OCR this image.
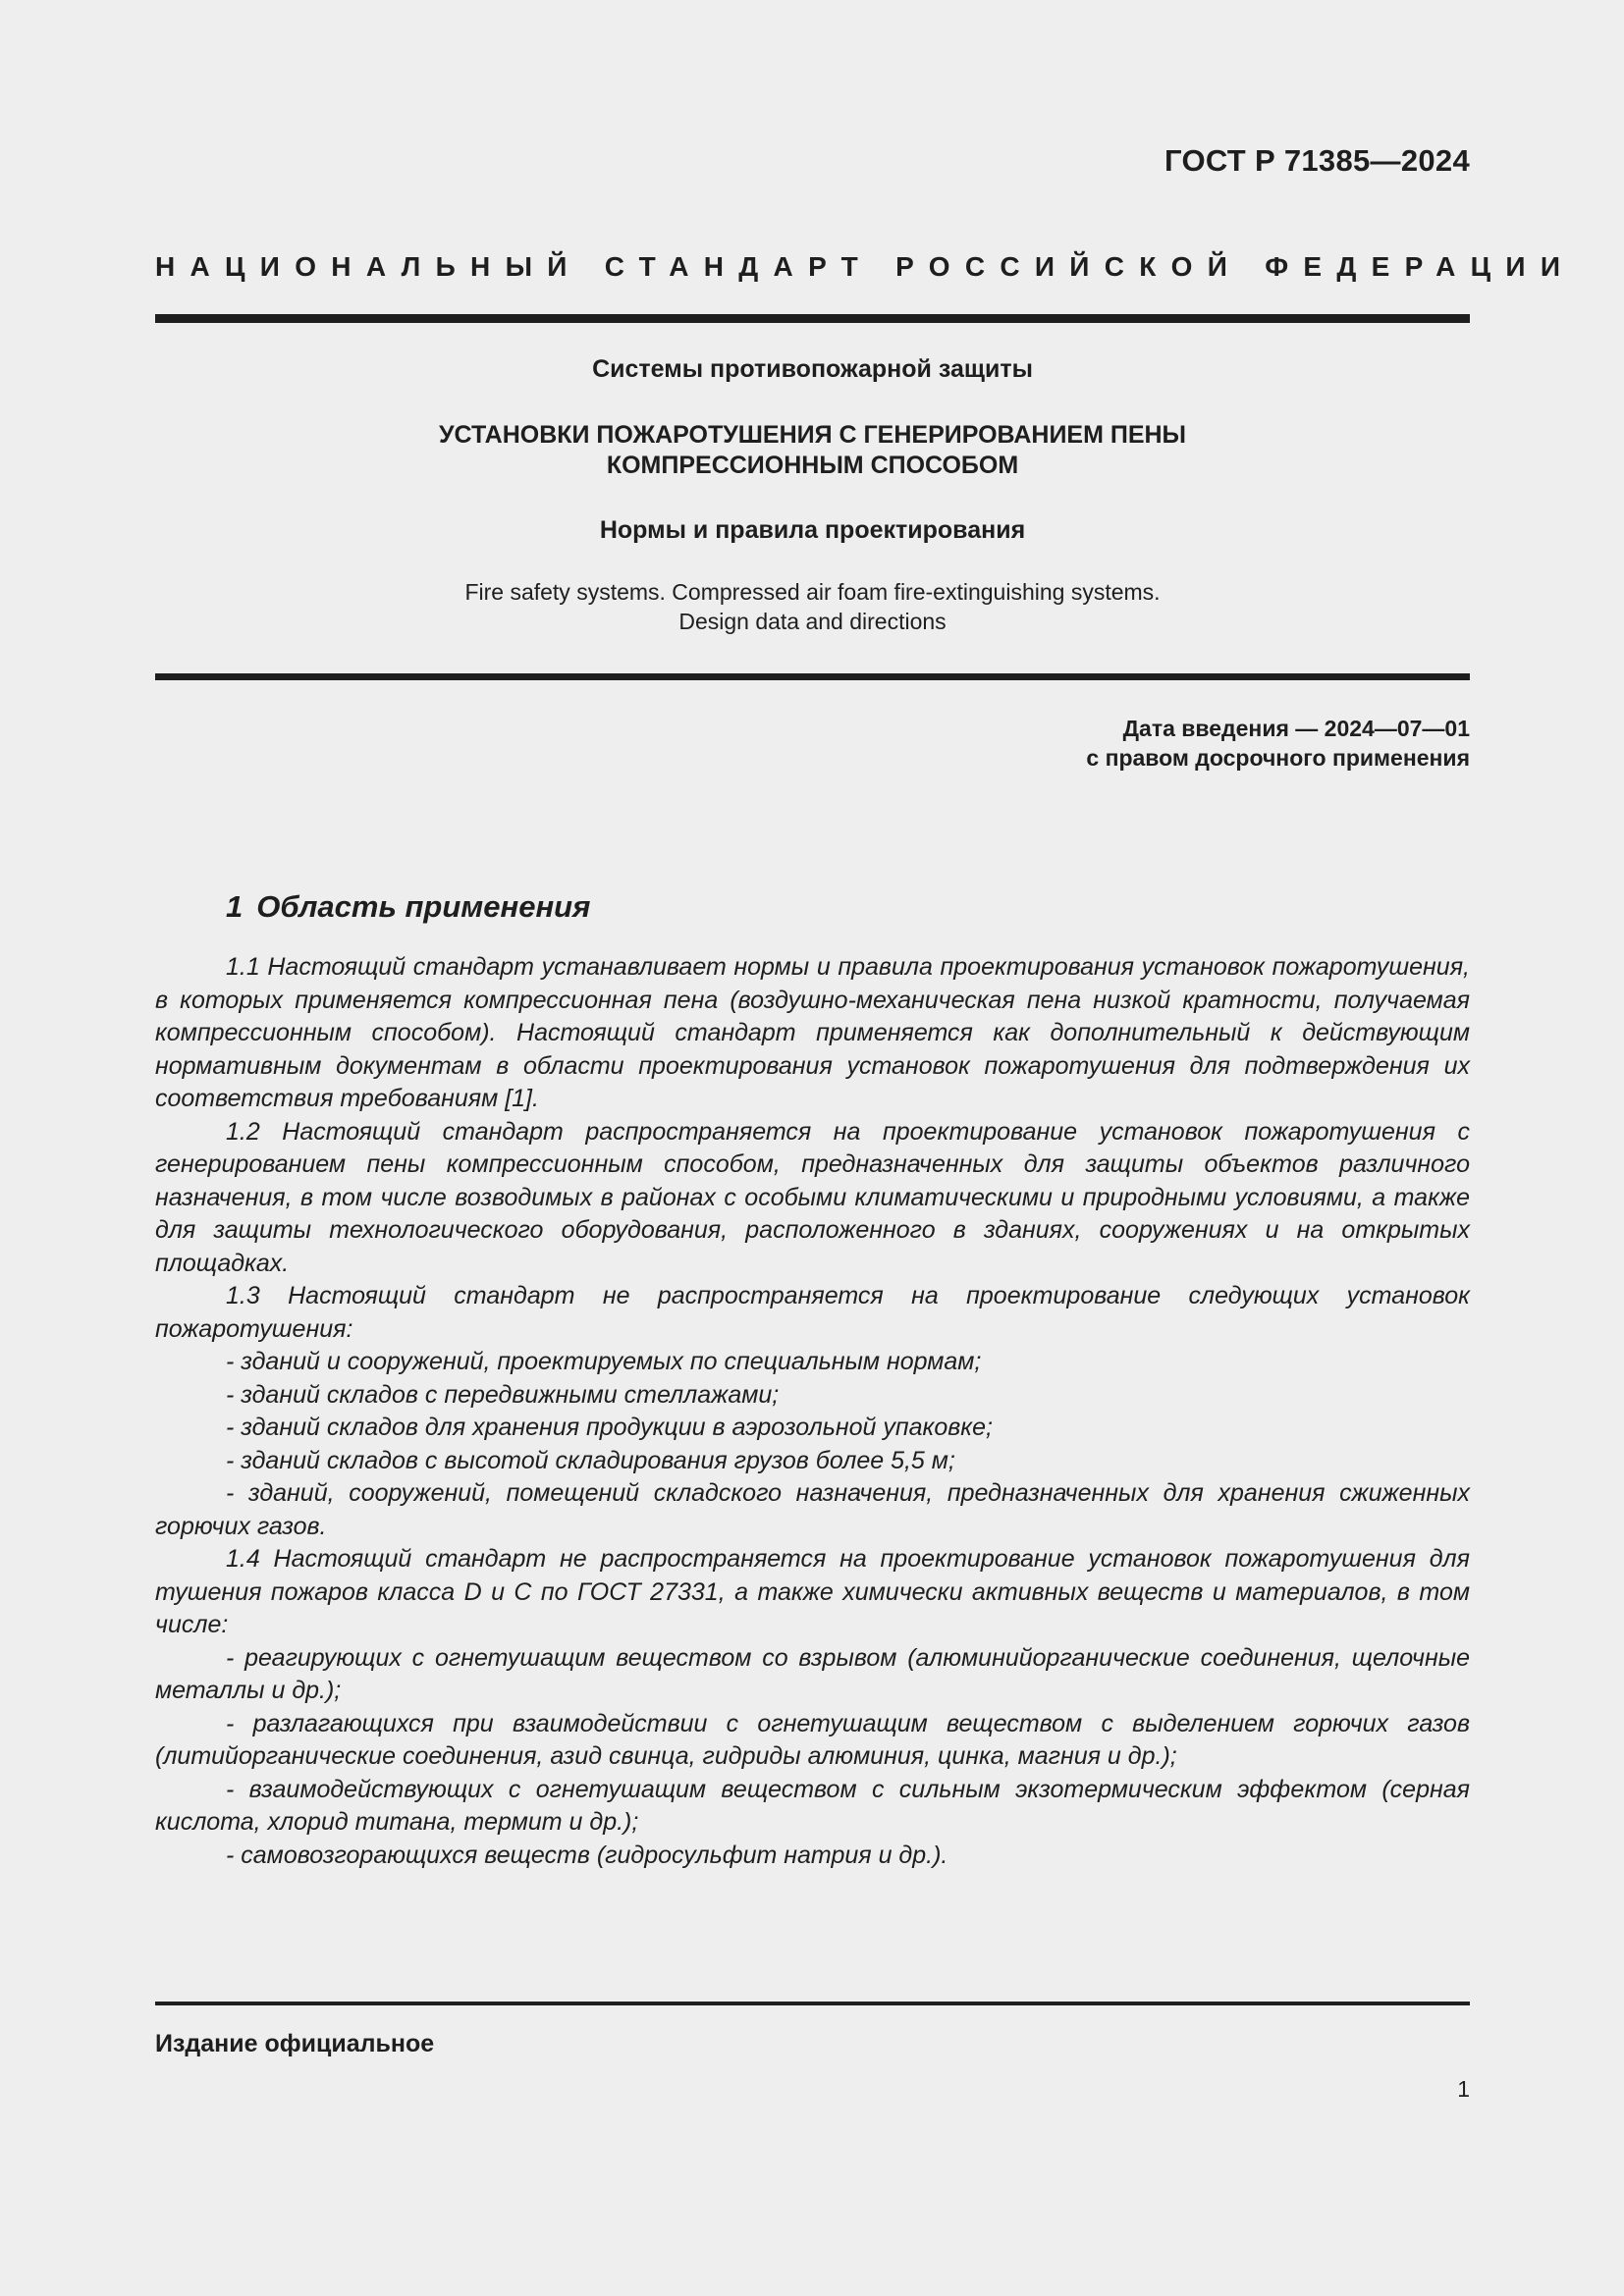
ГОСТ Р 71385—2024
НАЦИОНАЛЬНЫЙ СТАНДАРТ РОССИЙСКОЙ ФЕДЕРАЦИИ
Системы противопожарной защиты
УСТАНОВКИ ПОЖАРОТУШЕНИЯ С ГЕНЕРИРОВАНИЕМ ПЕНЫ
КОМПРЕССИОННЫМ СПОСОБОМ
Нормы и правила проектирования
Fire safety systems. Compressed air foam fire-extinguishing systems.
Design data and directions
Дата введения — 2024—07—01
с правом досрочного применения
1 Область применения

1.1 Настоящий стандарт устанавливает нормы и правила проектирования установок пожаротушения, в которых применяется компрессионная пена (воздушно-механическая пена низкой кратности, получаемая компрессионным способом). Настоящий стандарт применяется как дополнительный к действующим нормативным документам в области проектирования установок пожаротушения для подтверждения их соответствия требованиям [1].

1.2 Настоящий стандарт распространяется на проектирование установок пожаротушения с генерированием пены компрессионным способом, предназначенных для защиты объектов различного назначения, в том числе возводимых в районах с особыми климатическими и природными условиями, а также для защиты технологического оборудования, расположенного в зданиях, сооружениях и на открытых площадках.

1.3 Настоящий стандарт не распространяется на проектирование следующих установок пожаротушения:

- зданий и сооружений, проектируемых по специальным нормам;

- зданий складов с передвижными стеллажами;

- зданий складов для хранения продукции в аэрозольной упаковке;

- зданий складов с высотой складирования грузов более 5,5 м;

- зданий, сооружений, помещений складского назначения, предназначенных для хранения сжиженных горючих газов.

1.4 Настоящий стандарт не распространяется на проектирование установок пожаротушения для тушения пожаров класса D и C по ГОСТ 27331, а также химически активных веществ и материалов, в том числе:

- реагирующих с огнетушащим веществом со взрывом (алюминийорганические соединения, щелочные металлы и др.);

- разлагающихся при взаимодействии с огнетушащим веществом с выделением горючих газов (литийорганические соединения, азид свинца, гидриды алюминия, цинка, магния и др.);

- взаимодействующих с огнетушащим веществом с сильным экзотермическим эффектом (серная кислота, хлорид титана, термит и др.);

- самовозгорающихся веществ (гидросульфит натрия и др.).

Издание официальное
1
